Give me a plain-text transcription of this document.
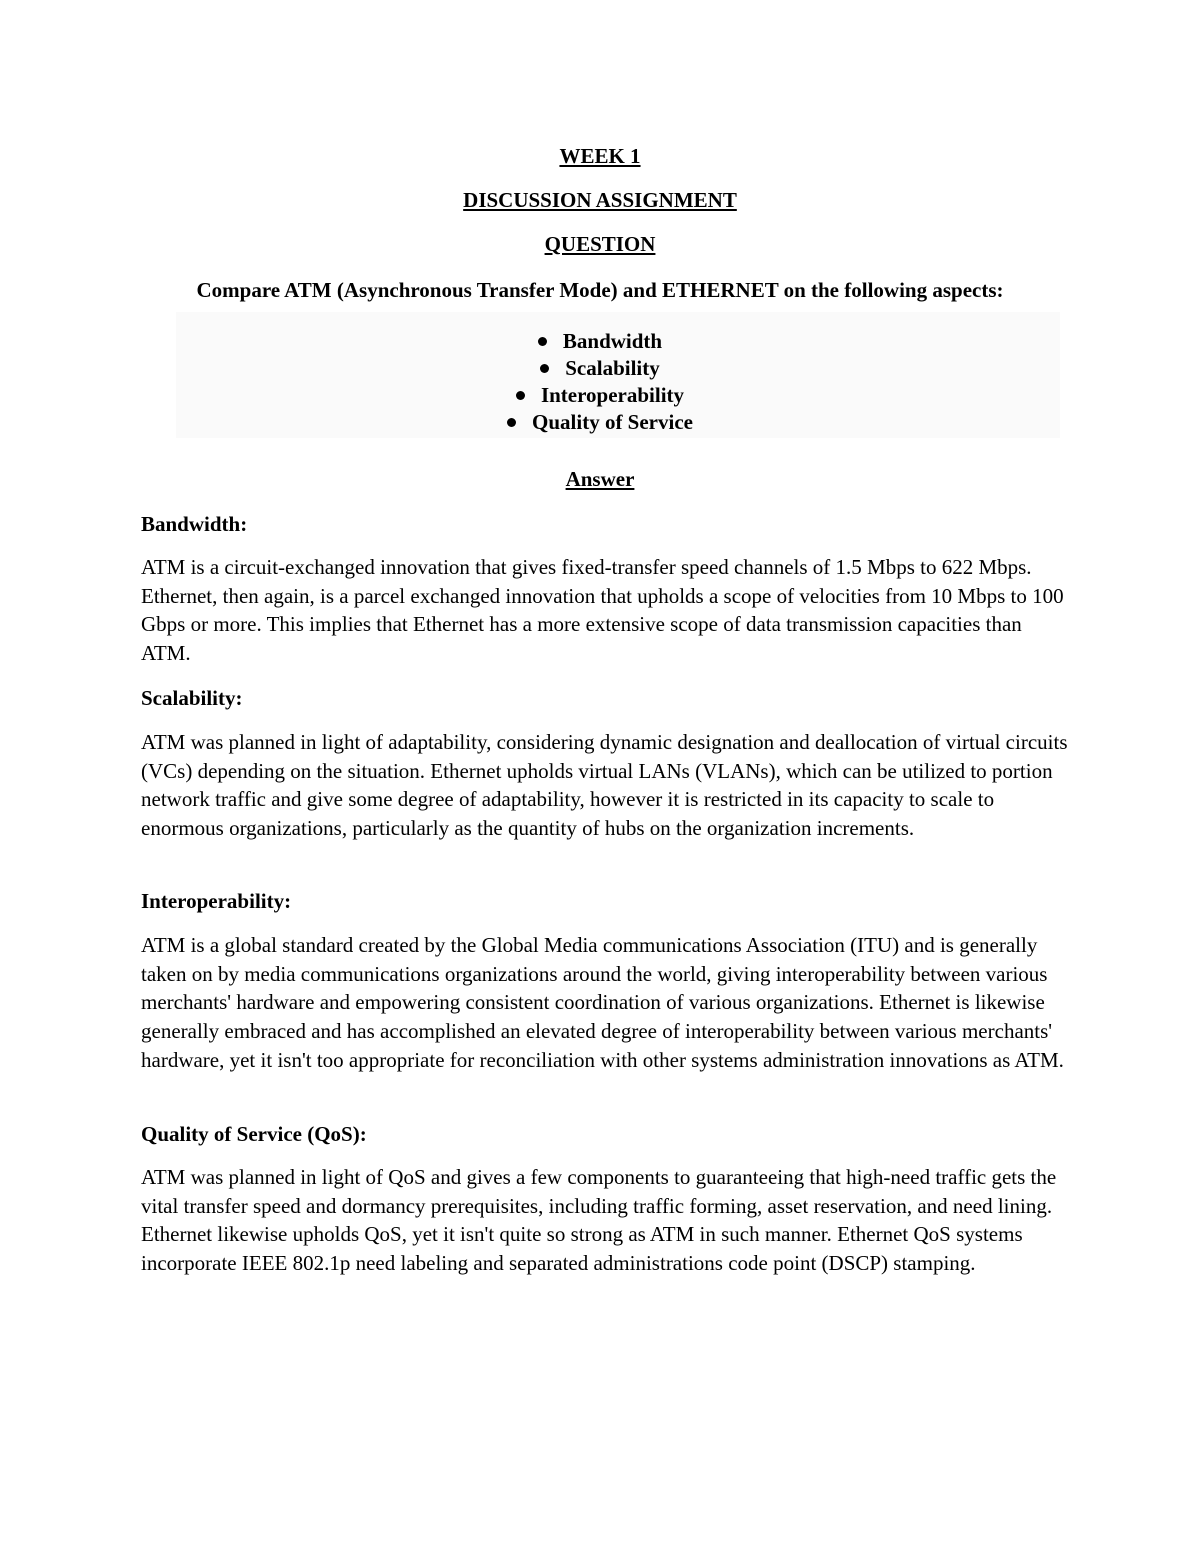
WEEK 1

DISCUSSION ASSIGNMENT

QUESTION

Compare ATM (Asynchronous Transfer Mode) and ETHERNET on the following aspects:

Bandwidth
Scalability
Interoperability
Quality of Service

Answer

Bandwidth:

ATM is a circuit-exchanged innovation that gives fixed-transfer speed channels of 1.5 Mbps to 622 Mbps. Ethernet, then again, is a parcel exchanged innovation that upholds a scope of velocities from 10 Mbps to 100 Gbps or more. This implies that Ethernet has a more extensive scope of data transmission capacities than ATM.

Scalability:

ATM was planned in light of adaptability, considering dynamic designation and deallocation of virtual circuits (VCs) depending on the situation. Ethernet upholds virtual LANs (VLANs), which can be utilized to portion network traffic and give some degree of adaptability, however it is restricted in its capacity to scale to enormous organizations, particularly as the quantity of hubs on the organization increments.

Interoperability:

ATM is a global standard created by the Global Media communications Association (ITU) and is generally taken on by media communications organizations around the world, giving interoperability between various merchants' hardware and empowering consistent coordination of various organizations. Ethernet is likewise generally embraced and has accomplished an elevated degree of interoperability between various merchants' hardware, yet it isn't too appropriate for reconciliation with other systems administration innovations as ATM.

Quality of Service (QoS):

ATM was planned in light of QoS and gives a few components to guaranteeing that high-need traffic gets the vital transfer speed and dormancy prerequisites, including traffic forming, asset reservation, and need lining. Ethernet likewise upholds QoS, yet it isn't quite so strong as ATM in such manner. Ethernet QoS systems incorporate IEEE 802.1p need labeling and separated administrations code point (DSCP) stamping.
